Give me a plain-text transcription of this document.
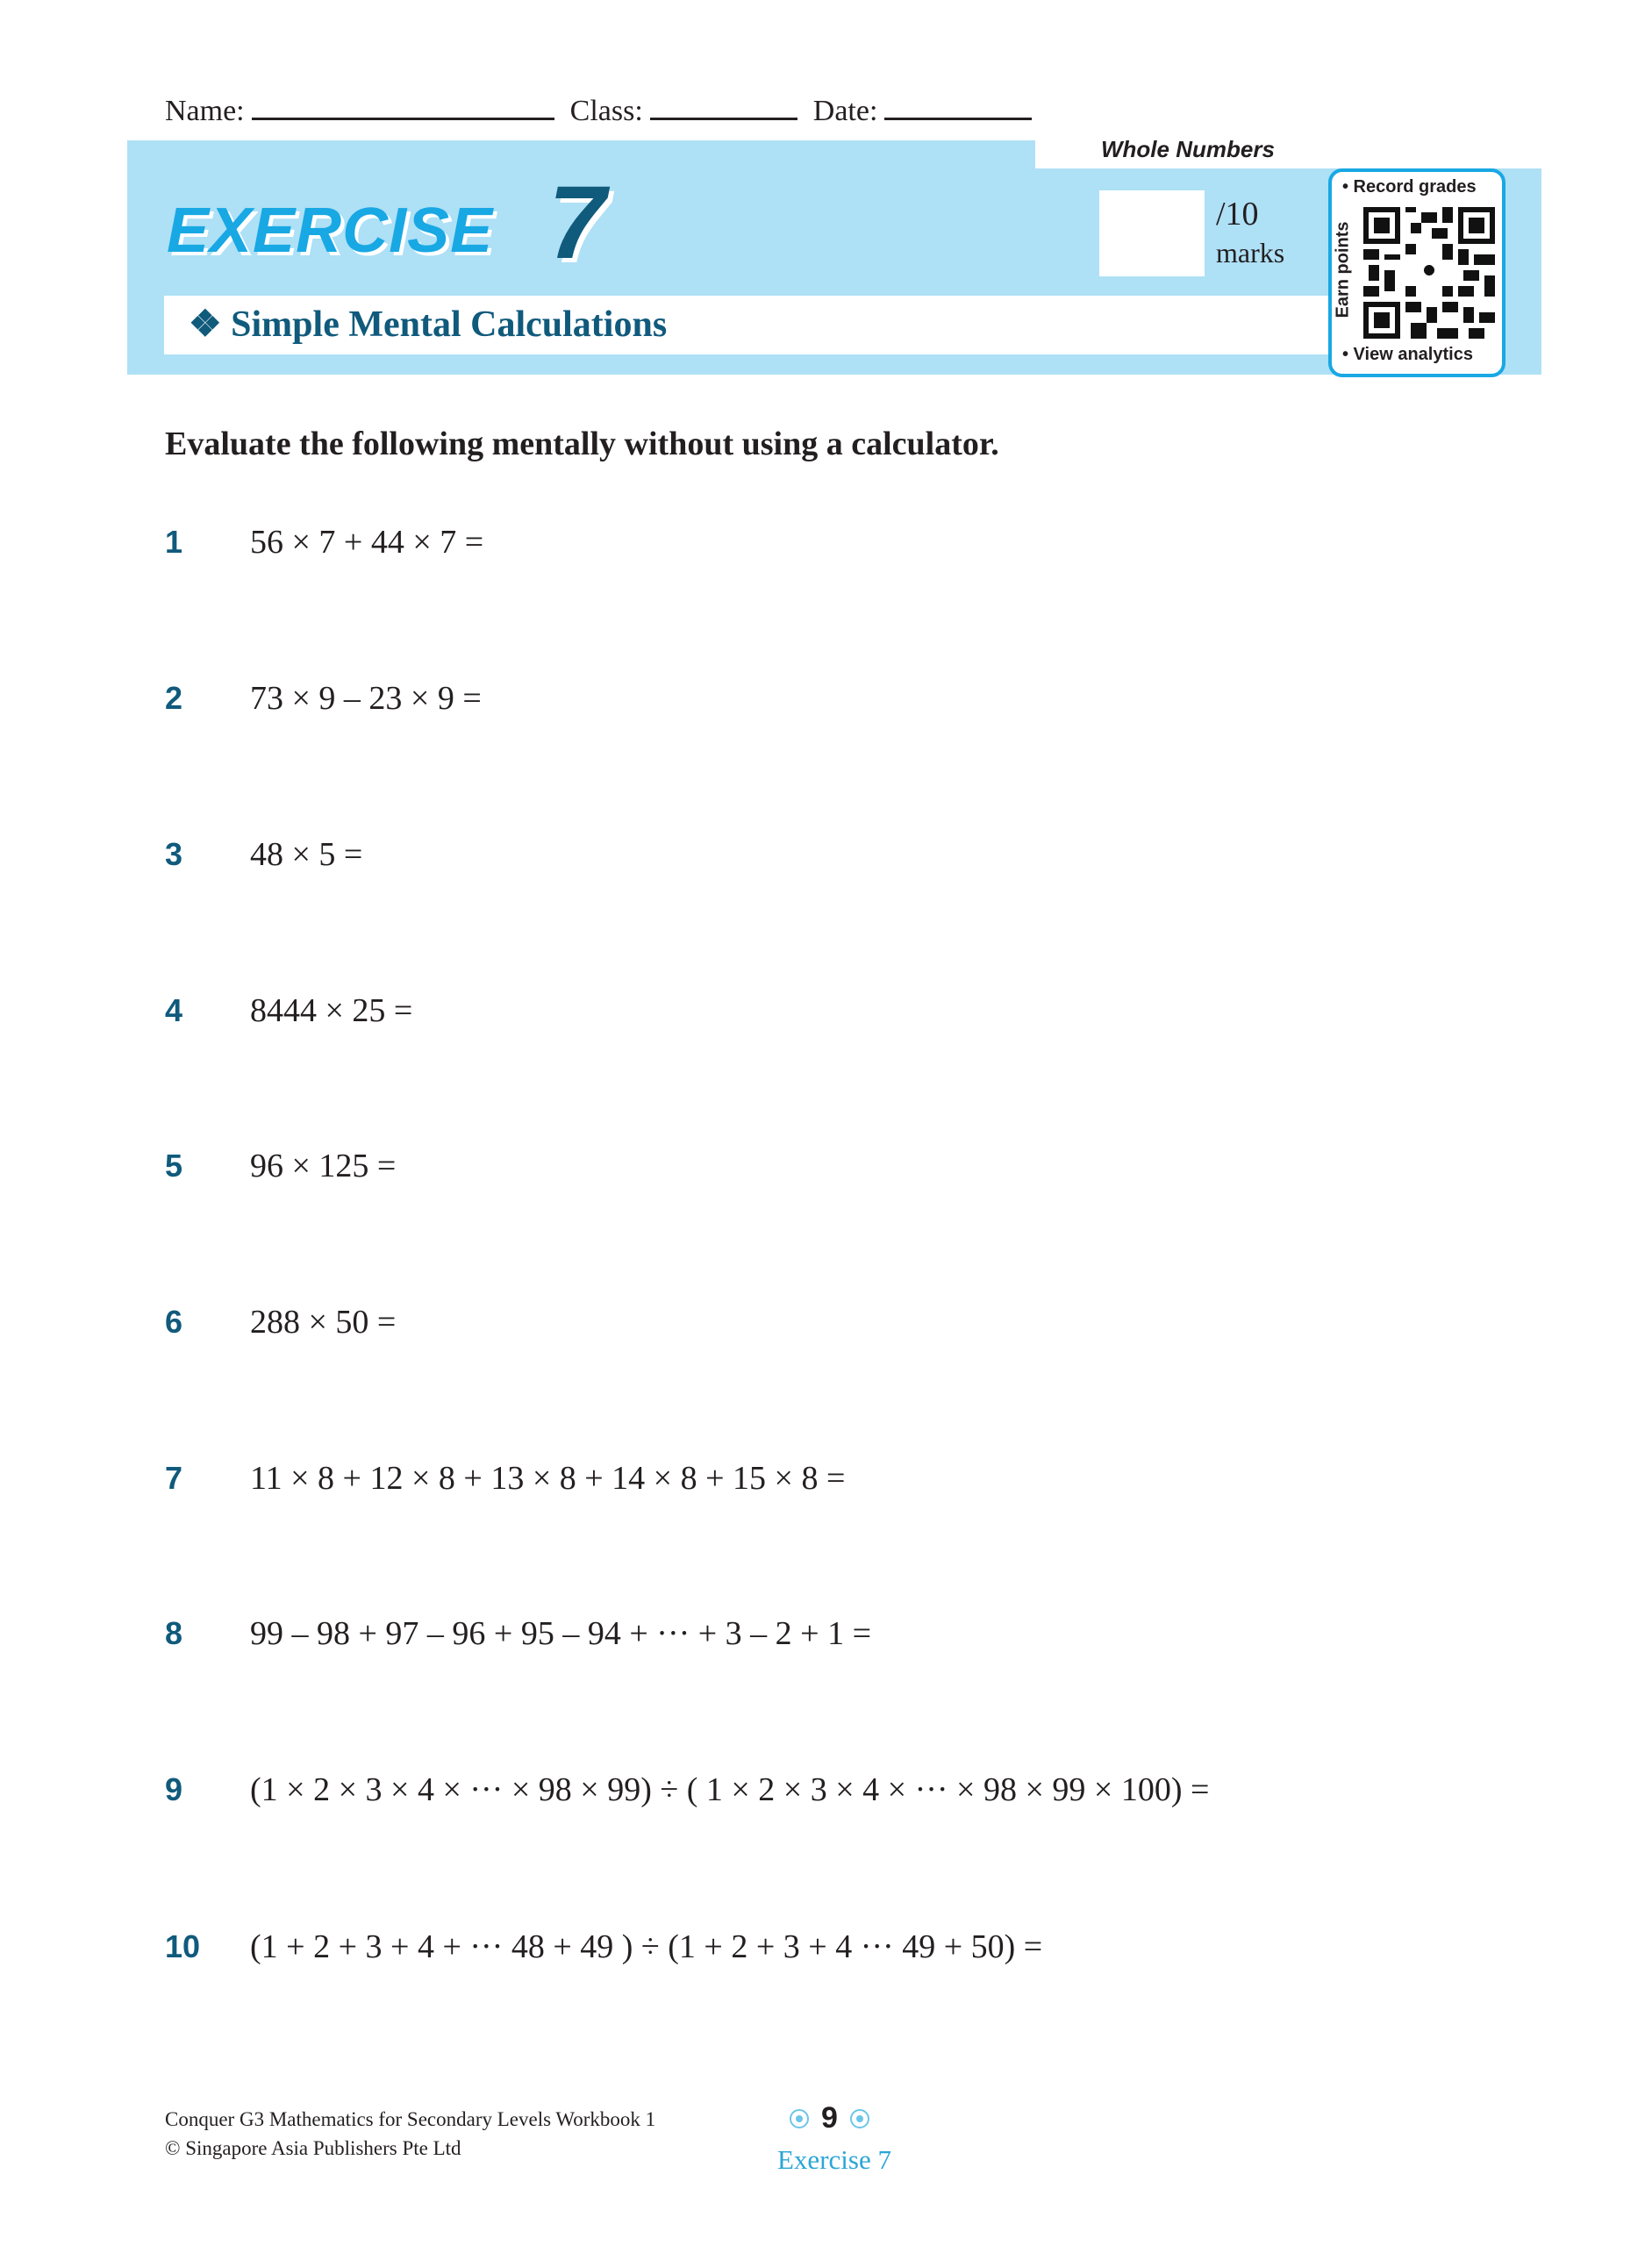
Name:	Class:	Date:
Whole Numbers
EXERCISE 7
❖ Simple Mental Calculations
/10
marks
• Record grades
Earn points
• View analytics
Evaluate the following mentally without using a calculator.
1	56 × 7 + 44 × 7 =
2	73 × 9 – 23 × 9 =
3	48 × 5 =
4	8444 × 25 =
5	96 × 125 =
6	288 × 50 =
7	11 × 8 + 12 × 8 + 13 × 8 + 14 × 8 + 15 × 8 =
8	99 – 98 + 97 – 96 + 95 – 94 + ··· + 3 – 2 + 1 =
9	(1 × 2 × 3 × 4 × ··· × 98 × 99) ÷ ( 1 × 2 × 3 × 4 × ··· × 98 × 99 × 100) =
10	(1 + 2 + 3 + 4 + ··· 48 + 49 ) ÷ (1 + 2 + 3 + 4 ··· 49 + 50) =
Conquer G3 Mathematics for Secondary Levels Workbook 1
© Singapore Asia Publishers Pte Ltd
9
Exercise 7
